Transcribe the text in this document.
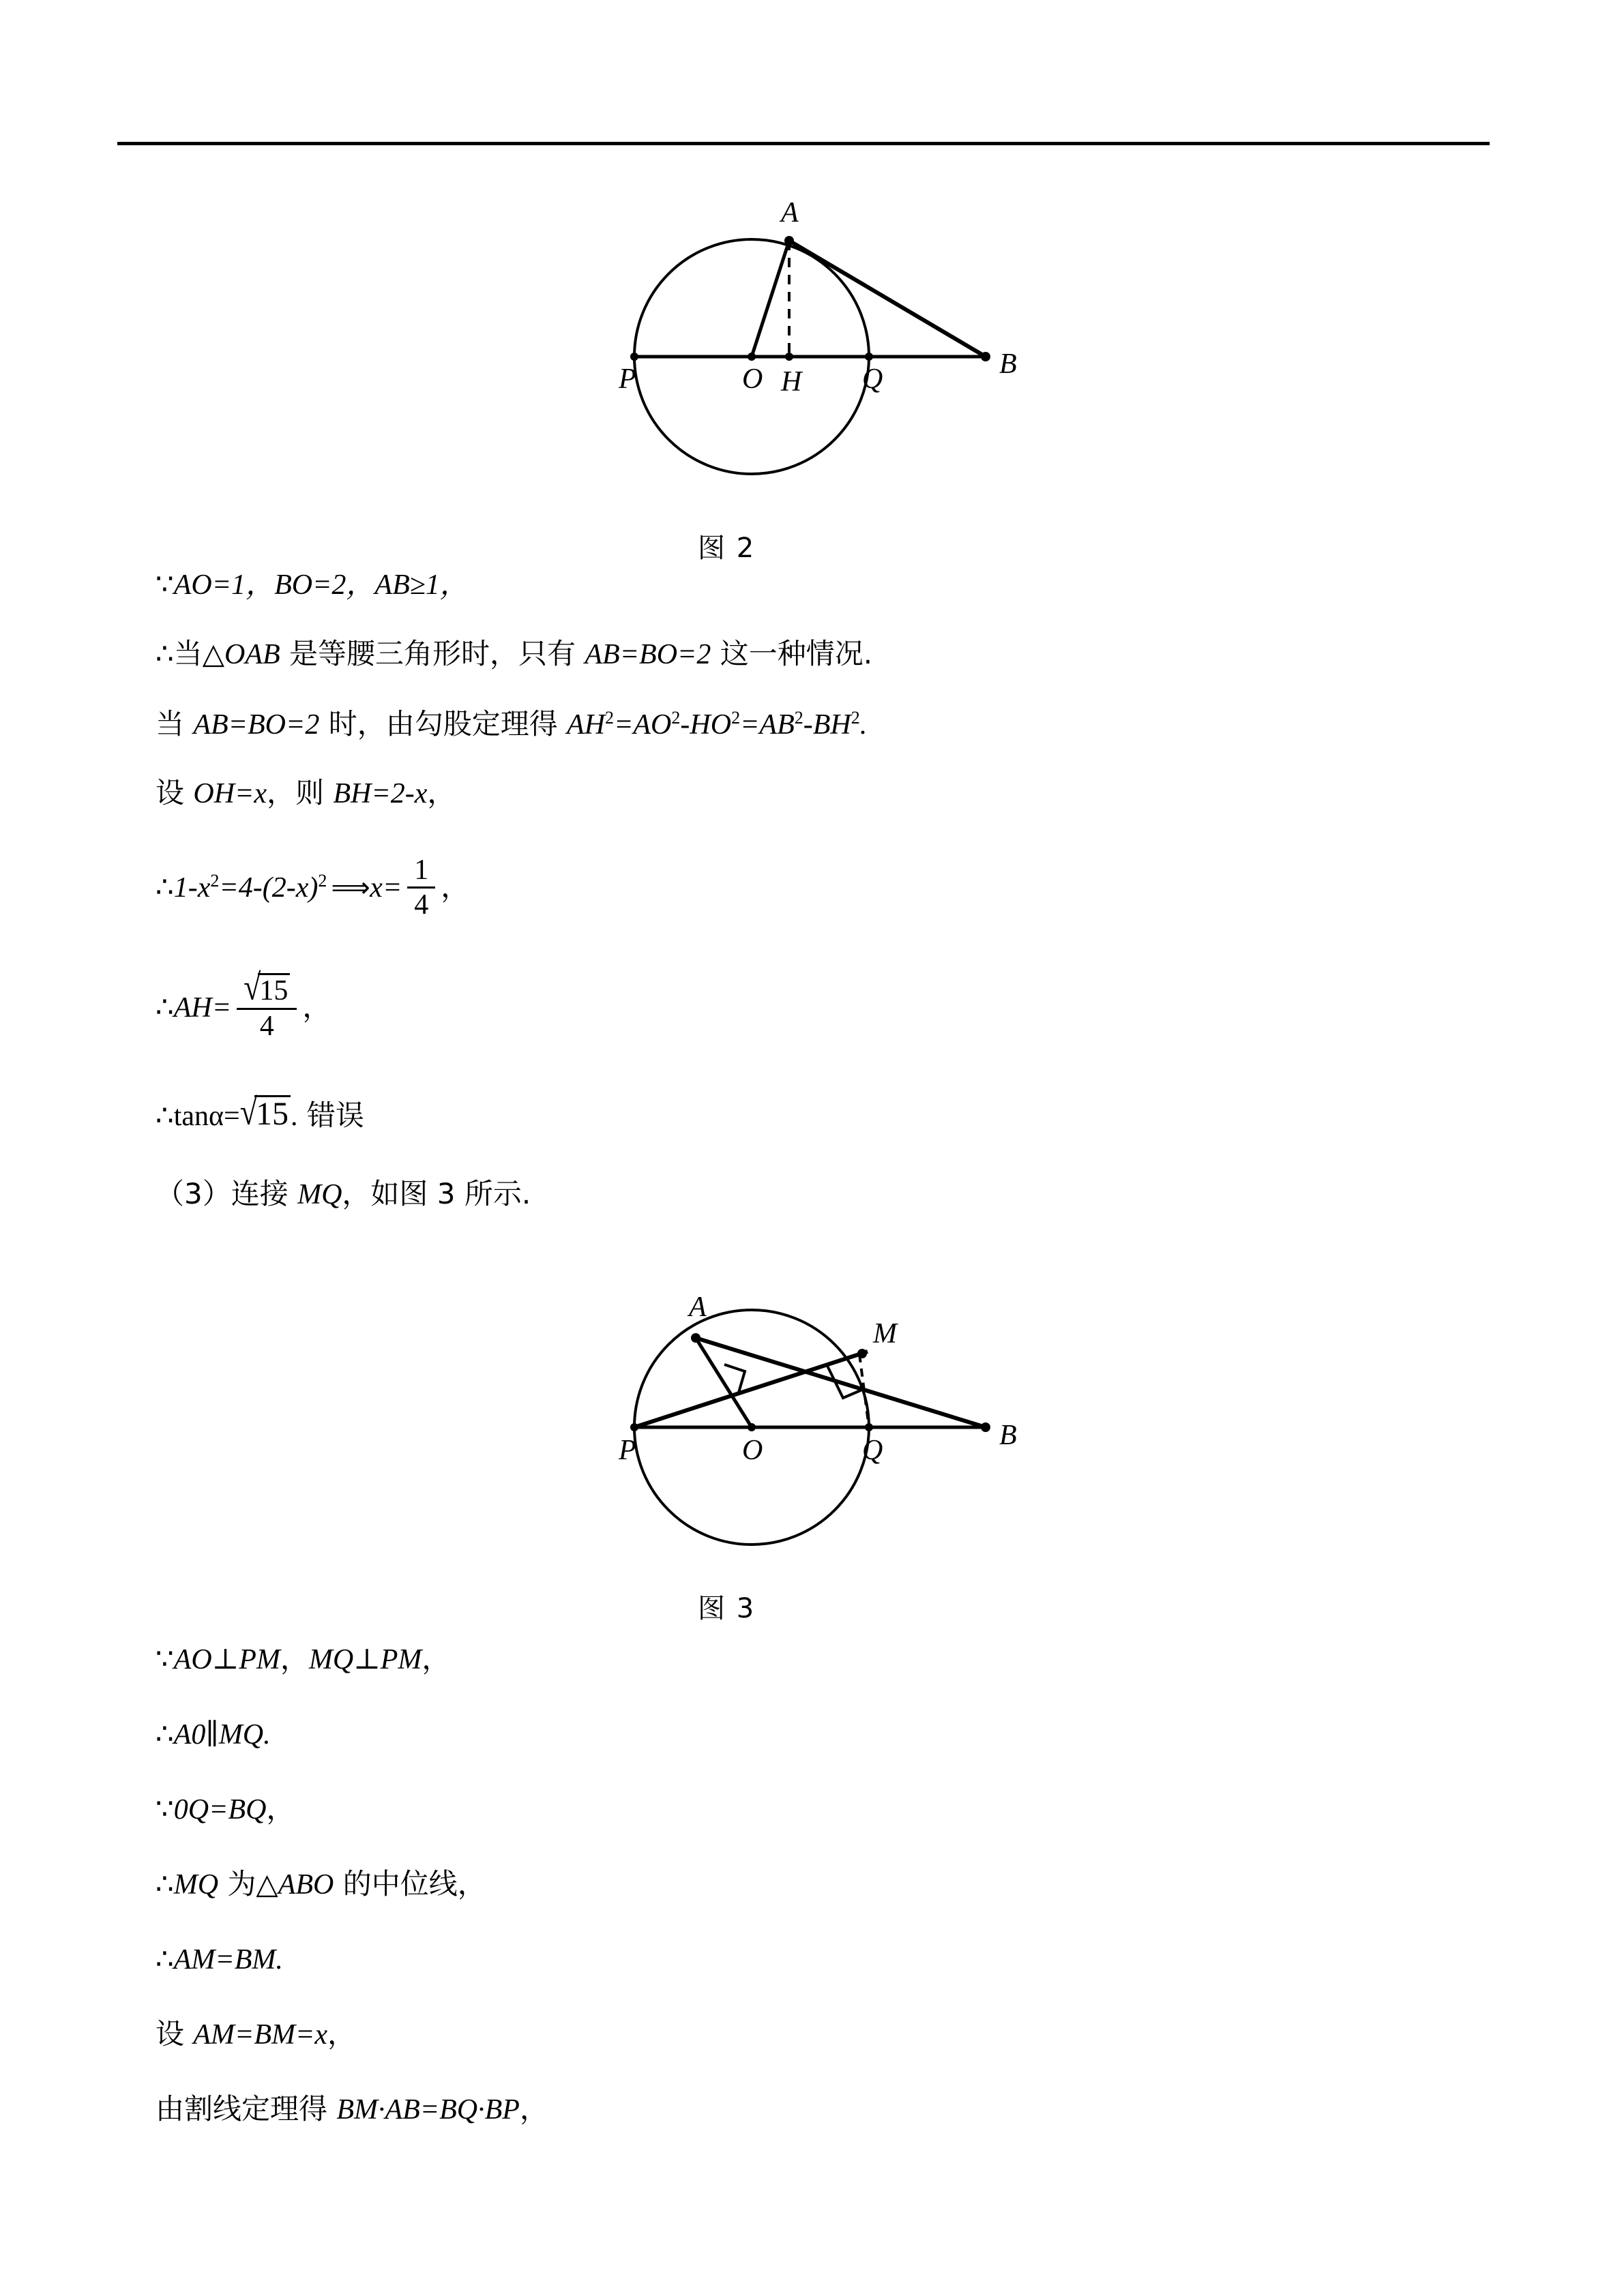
A
P	O H Q	B
图 2
∵AO=1，BO=2，AB≥1，
∴当△OAB 是等腰三角形时，只有 AB=BO=2 这一种情况.
当 AB=BO=2 时，由勾股定理得 $AH^2=AO^2-HO^2=AB^2-BH^2$.
设 OH=x，则 BH=2-x，
$\therefore 1-x^2=4-(2-x)^2$ ⟹x= $\frac{1}{4}$ ，
∴AH= $\frac{√15}{4}$ ，
∴tanα=√15. 错误
（3）连接 MQ，如图 3 所示.
A
M
P	O	Q	B
图 3
∵AO⊥PM，MQ⊥PM，
∴A0∥MQ.
∵0Q=BQ，
∴MQ 为△ABO 的中位线，
∴AM=BM.
设 AM=BM=x，
由割线定理得 BM·AB=BQ·BP，
